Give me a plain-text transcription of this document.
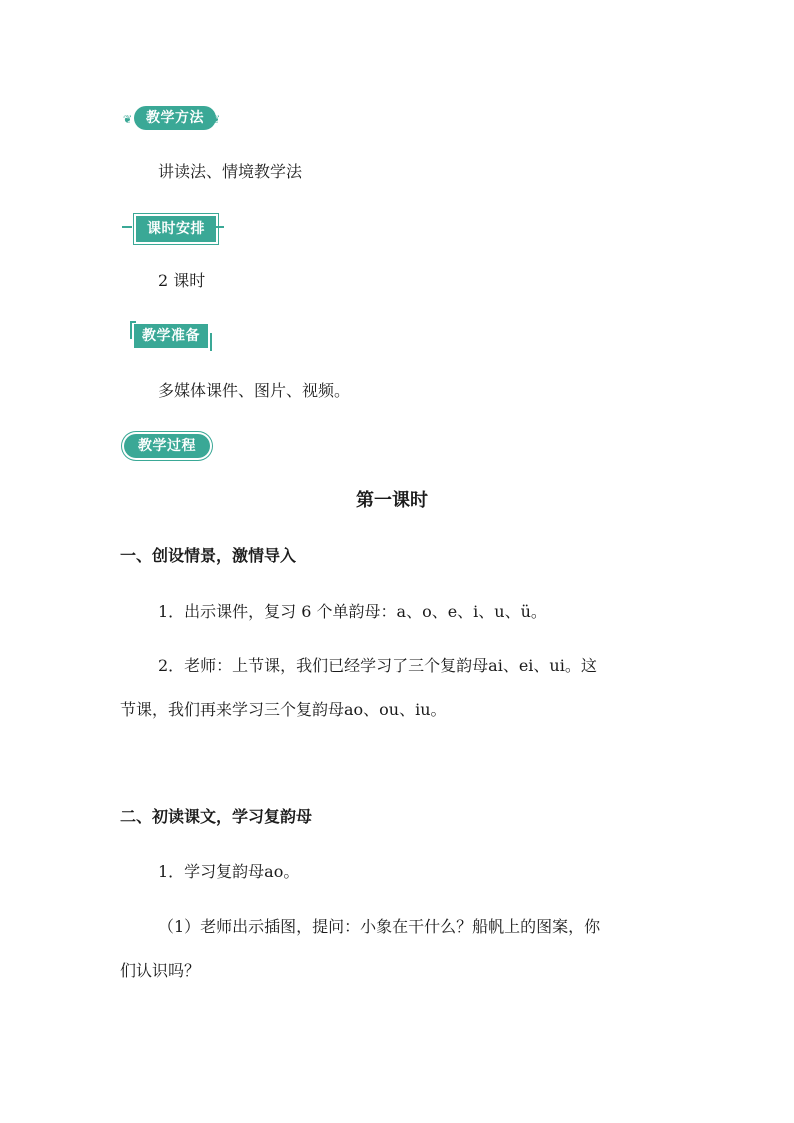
❦ 教学方法 ❦
讲读法、情境教学法
课时安排
2 课时
教学准备
多媒体课件、图片、视频。
教学过程
第一课时
一、创设情景，激情导入
1．出示课件，复习 6 个单韵母：a、o、e、i、u、ü。
2．老师：上节课，我们已经学习了三个复韵母ai、ei、ui。这
节课，我们再来学习三个复韵母ao、ou、iu。
二、初读课文，学习复韵母
1．学习复韵母ao。
（1）老师出示插图，提问：小象在干什么？船帆上的图案，你
们认识吗？
